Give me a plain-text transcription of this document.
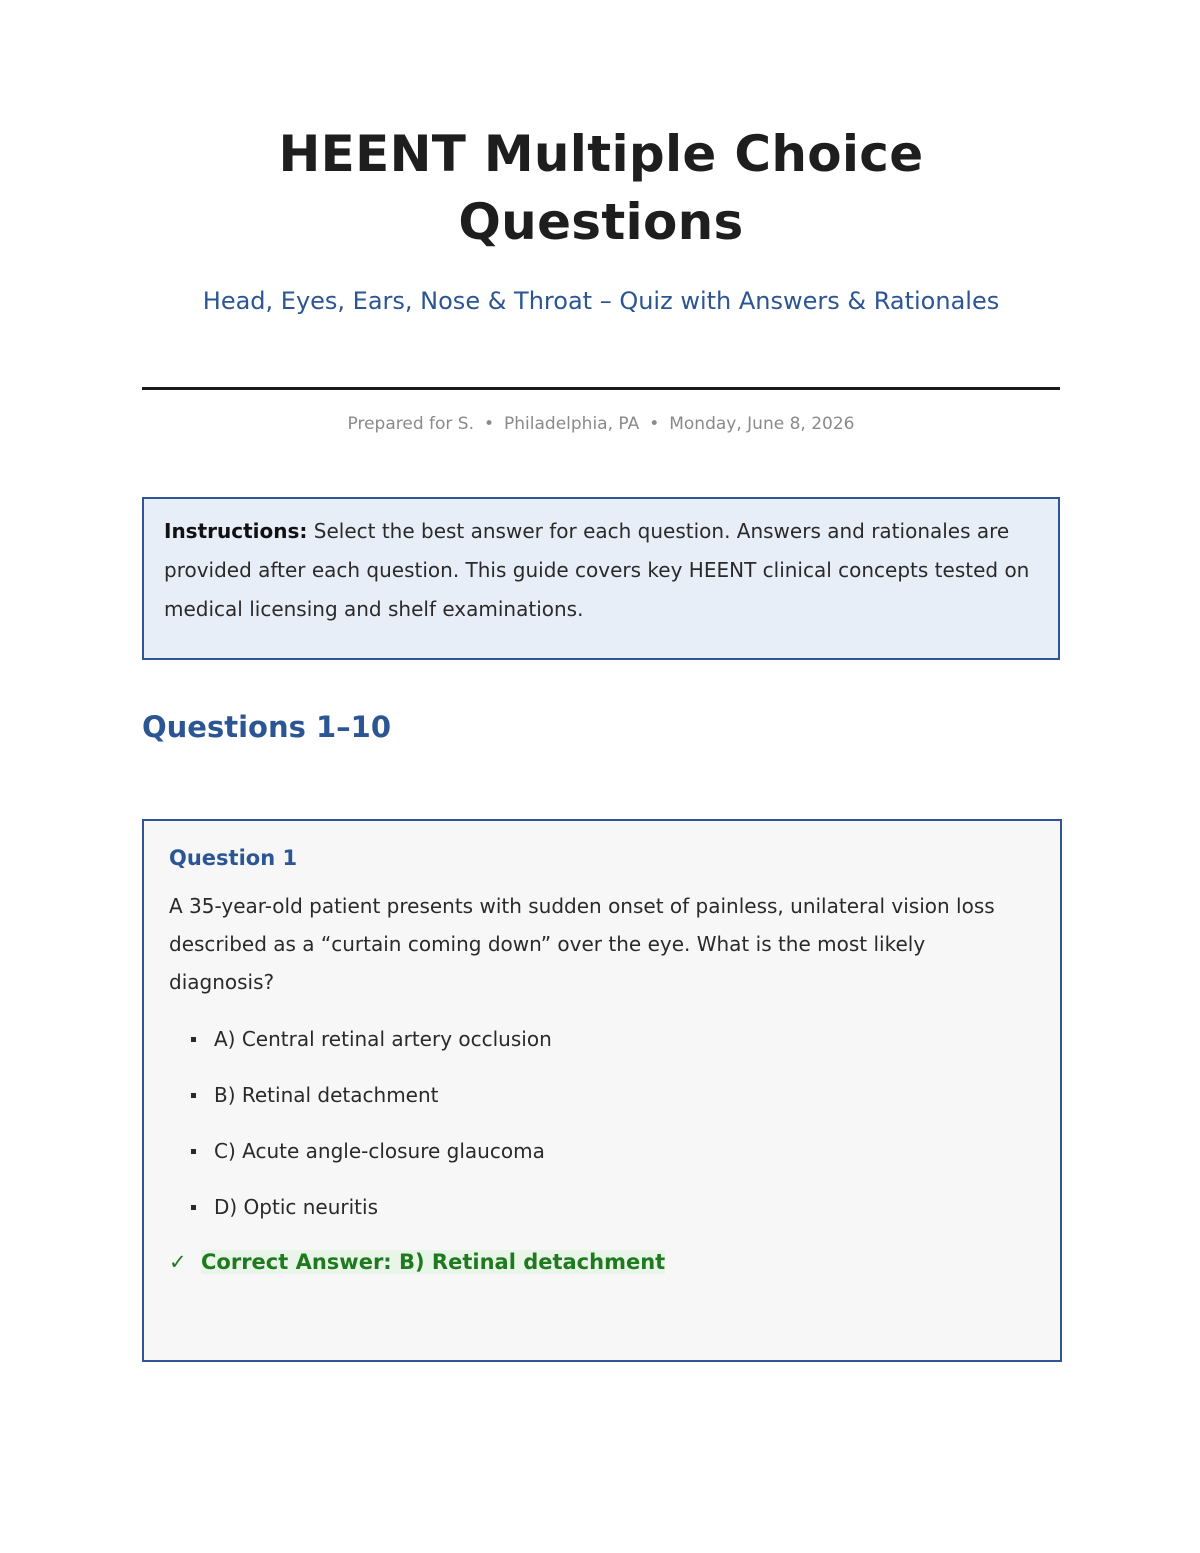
HEENT Multiple Choice Questions
Head, Eyes, Ears, Nose & Throat – Quiz with Answers & Rationales
Prepared for S. • Philadelphia, PA • Monday, June 8, 2026
Instructions: Select the best answer for each question. Answers and rationales are provided after each question. This guide covers key HEENT clinical concepts tested on medical licensing and shelf examinations.
Questions 1–10
Question 1
A 35-year-old patient presents with sudden onset of painless, unilateral vision loss described as a “curtain coming down” over the eye. What is the most likely diagnosis?
A) Central retinal artery occlusion
B) Retinal detachment
C) Acute angle-closure glaucoma
D) Optic neuritis
✓ Correct Answer: B) Retinal detachment
